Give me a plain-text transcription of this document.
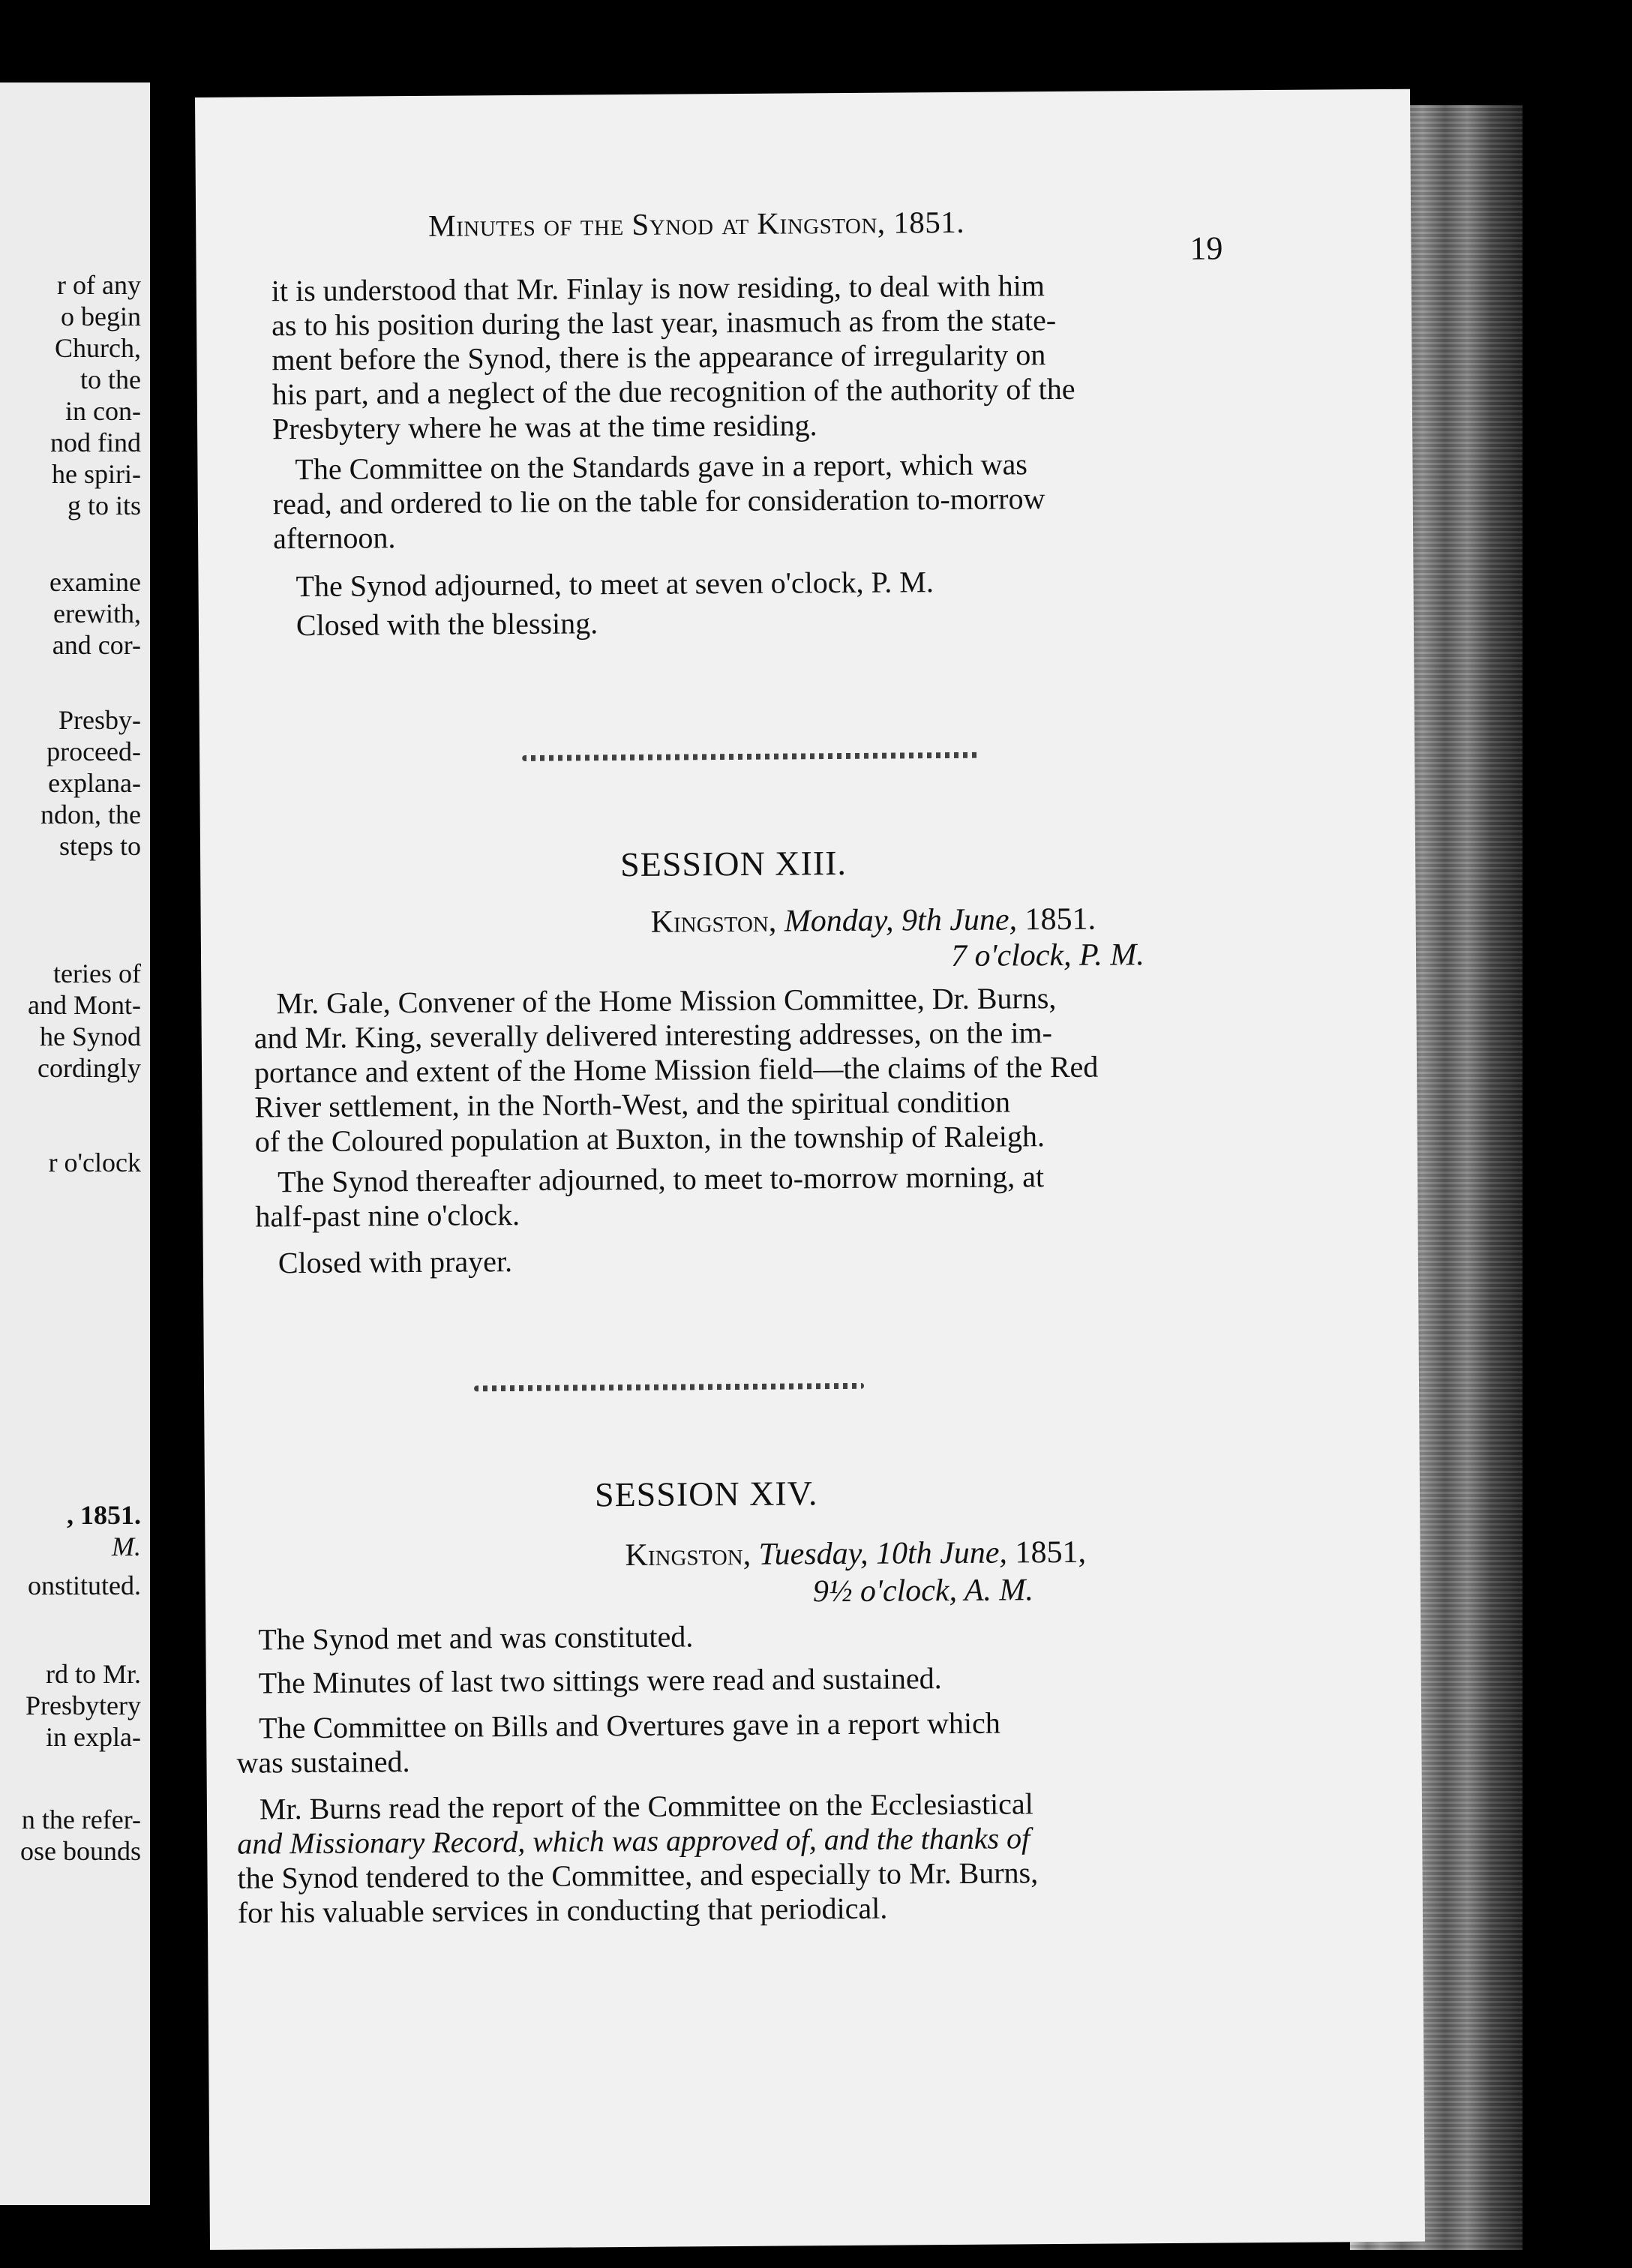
r of any
o begin
Church,
to the
in con-
nod find
he spiri-
g to its
examine
erewith,
and cor-
Presby-
proceed-
explana-
ndon, the
steps to
teries of
and Mont-
he Synod
cordingly
r o'clock
, 1851.
M.
onstituted.
rd to Mr.
Presbytery
in expla-
n the refer-
ose bounds
Minutes of the Synod at Kingston, 1851.
19
it is understood that Mr. Finlay is now residing, to deal with him
as to his position during the last year, inasmuch as from the state-
ment before the Synod, there is the appearance of irregularity on
his part, and a neglect of the due recognition of the authority of the
Presbytery where he was at the time residing.
The Committee on the Standards gave in a report, which was
read, and ordered to lie on the table for consideration to-morrow
afternoon.
The Synod adjourned, to meet at seven o'clock, P. M.
Closed with the blessing.
SESSION XIII.
Kingston, Monday, 9th June, 1851.
7 o'clock, P. M.
Mr. Gale, Convener of the Home Mission Committee, Dr. Burns,
and Mr. King, severally delivered interesting addresses, on the im-
portance and extent of the Home Mission field—the claims of the Red
River settlement, in the North-West, and the spiritual condition
of the Coloured population at Buxton, in the township of Raleigh.
The Synod thereafter adjourned, to meet to-morrow morning, at
half-past nine o'clock.
Closed with prayer.
SESSION XIV.
Kingston, Tuesday, 10th June, 1851,
9½ o'clock, A. M.
The Synod met and was constituted.
The Minutes of last two sittings were read and sustained.
The Committee on Bills and Overtures gave in a report which
was sustained.
Mr. Burns read the report of the Committee on the Ecclesiastical
and Missionary Record, which was approved of, and the thanks of
the Synod tendered to the Committee, and especially to Mr. Burns,
for his valuable services in conducting that periodical.
